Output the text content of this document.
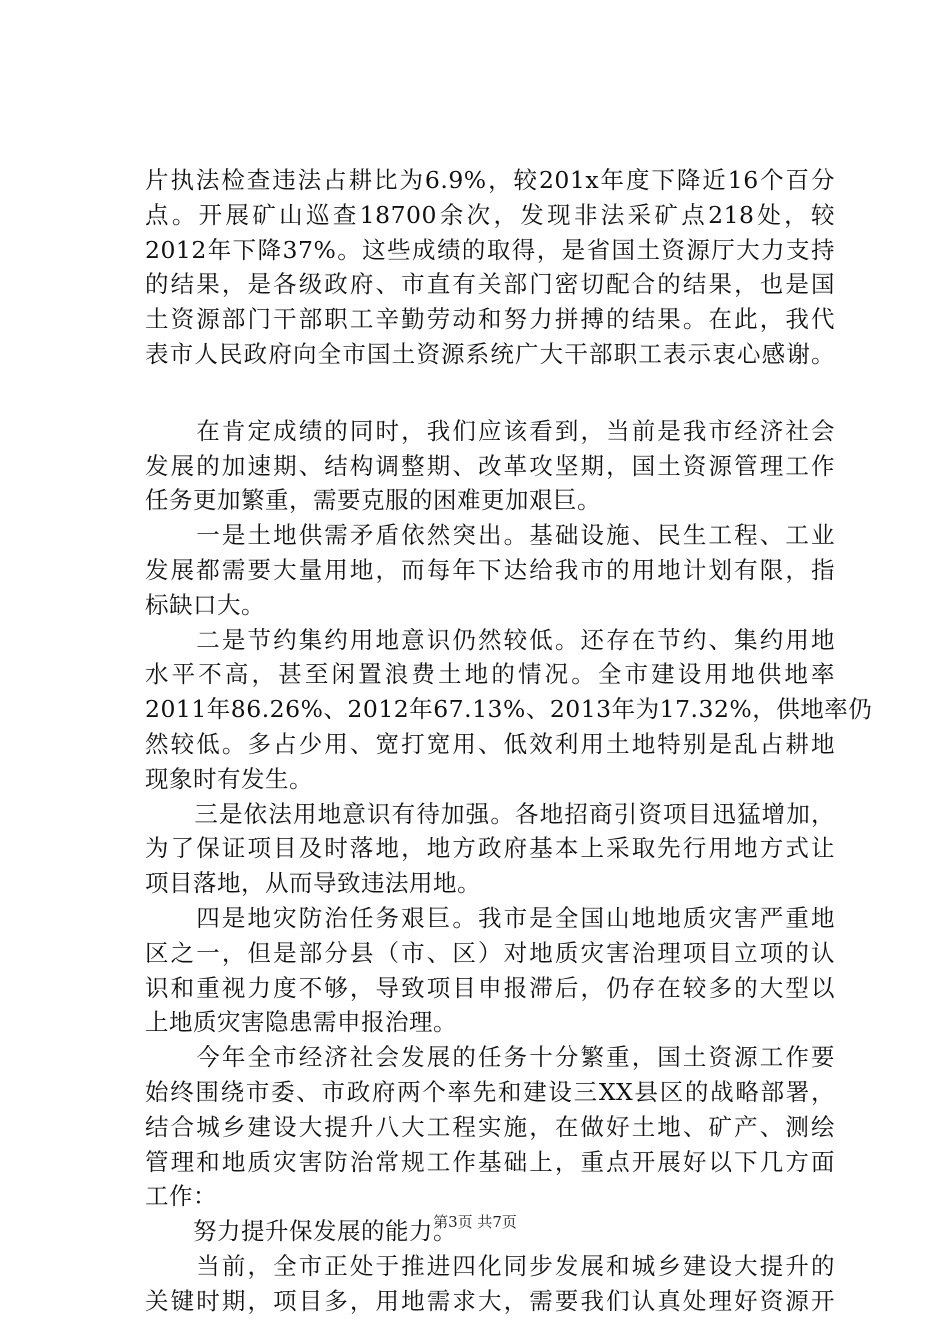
片执法检查违法占耕比为6.9%，较201x年度下降近16个百分
点。开展矿山巡查18700余次，发现非法采矿点218处，较
2012年下降37%。这些成绩的取得，是省国土资源厅大力支持
的结果，是各级政府、市直有关部门密切配合的结果，也是国
土资源部门干部职工辛勤劳动和努力拼搏的结果。在此，我代
表市人民政府向全市国土资源系统广大干部职工表示衷心感谢。
　　在肯定成绩的同时，我们应该看到，当前是我市经济社会
发展的加速期、结构调整期、改革攻坚期，国土资源管理工作
任务更加繁重，需要克服的困难更加艰巨。
　　一是土地供需矛盾依然突出。基础设施、民生工程、工业
发展都需要大量用地，而每年下达给我市的用地计划有限，指
标缺口大。
　　二是节约集约用地意识仍然较低。还存在节约、集约用地
水平不高，甚至闲置浪费土地的情况。全市建设用地供地率
2011年86.26%、2012年67.13%、2013年为17.32%，供地率仍
然较低。多占少用、宽打宽用、低效利用土地特别是乱占耕地
现象时有发生。
　　三是依法用地意识有待加强。各地招商引资项目迅猛增加，
为了保证项目及时落地，地方政府基本上采取先行用地方式让
项目落地，从而导致违法用地。
　　四是地灾防治任务艰巨。我市是全国山地地质灾害严重地
区之一，但是部分县（市、区）对地质灾害治理项目立项的认
识和重视力度不够，导致项目申报滞后，仍存在较多的大型以
上地质灾害隐患需申报治理。
　　今年全市经济社会发展的任务十分繁重，国土资源工作要
始终围绕市委、市政府两个率先和建设三XX县区的战略部署，
结合城乡建设大提升八大工程实施，在做好土地、矿产、测绘
管理和地质灾害防治常规工作基础上，重点开展好以下几方面
工作：
　　努力提升保发展的能力。
　　当前，全市正处于推进四化同步发展和城乡建设大提升的
关键时期，项目多，用地需求大，需要我们认真处理好资源开
第3页 共7页
